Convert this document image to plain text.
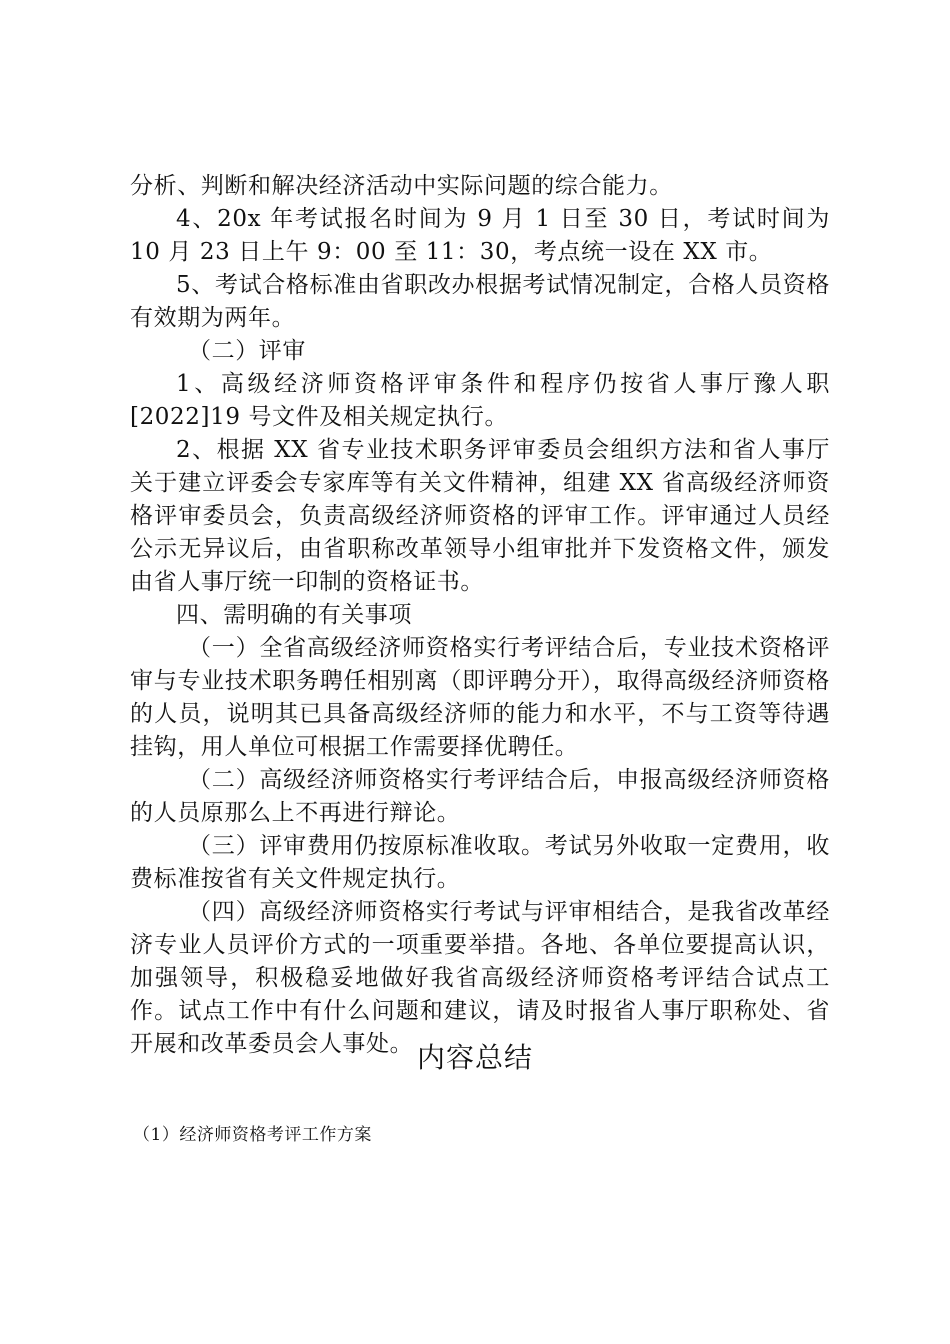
分析、判断和解决经济活动中实际问题的综合能力。

4、20x 年考试报名时间为 9 月 1 日至 30 日，考试时间为 10 月 23 日上午 9：00 至 11：30，考点统一设在 XX 市。

5、考试合格标准由省职改办根据考试情况制定，合格人员资格有效期为两年。

（二）评审

1、高级经济师资格评审条件和程序仍按省人事厅豫人职[2022]19 号文件及相关规定执行。

2、根据 XX 省专业技术职务评审委员会组织方法和省人事厅关于建立评委会专家库等有关文件精神，组建 XX 省高级经济师资格评审委员会，负责高级经济师资格的评审工作。评审通过人员经公示无异议后，由省职称改革领导小组审批并下发资格文件，颁发由省人事厅统一印制的资格证书。

四、需明确的有关事项

（一）全省高级经济师资格实行考评结合后，专业技术资格评审与专业技术职务聘任相别离（即评聘分开），取得高级经济师资格的人员，说明其已具备高级经济师的能力和水平，不与工资等待遇挂钩，用人单位可根据工作需要择优聘任。

（二）高级经济师资格实行考评结合后，申报高级经济师资格的人员原那么上不再进行辩论。

（三）评审费用仍按原标准收取。考试另外收取一定费用，收费标准按省有关文件规定执行。

（四）高级经济师资格实行考试与评审相结合，是我省改革经济专业人员评价方式的一项重要举措。各地、各单位要提高认识，加强领导，积极稳妥地做好我省高级经济师资格考评结合试点工作。试点工作中有什么问题和建议，请及时报省人事厅职称处、省开展和改革委员会人事处。 内容总结
（1）经济师资格考评工作方案
